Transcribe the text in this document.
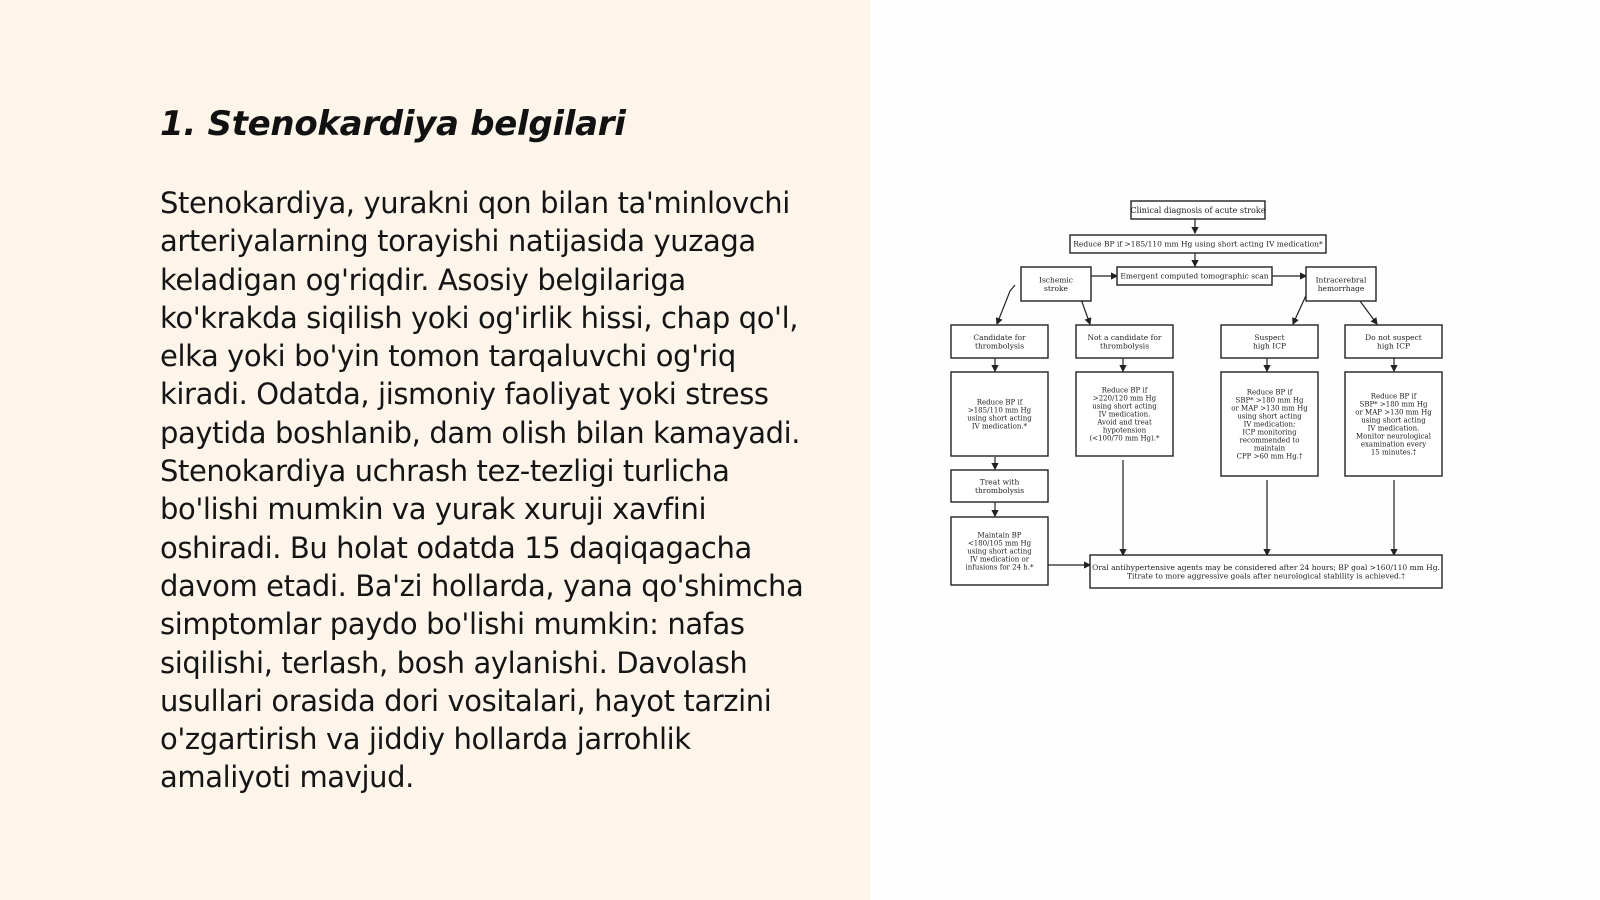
1. Stenokardiya belgilari

Stenokardiya, yurakni qon bilan ta'minlovchi
arteriyalarning torayishi natijasida yuzaga
keladigan og'riqdir. Asosiy belgilariga
ko'krakda siqilish yoki og'irlik hissi, chap qo'l,
elka yoki bo'yin tomon tarqaluvchi og'riq
kiradi. Odatda, jismoniy faoliyat yoki stress
paytida boshlanib, dam olish bilan kamayadi.
Stenokardiya uchrash tez-tezligi turlicha
bo'lishi mumkin va yurak xuruji xavfini
oshiradi. Bu holat odatda 15 daqiqagacha
davom etadi. Ba'zi hollarda, yana qo'shimcha
simptomlar paydo bo'lishi mumkin: nafas
siqilishi, terlash, bosh aylanishi. Davolash
usullari orasida dori vositalari, hayot tarzini
o'zgartirish va jiddiy hollarda jarrohlik
amaliyoti mavjud.

Clinical diagnosis of acute stroke
Reduce BP if >185/110 mm Hg using short acting IV medication*
Ischemic
stroke
Emergent computed tomographic scan	Intracerebral
hemorrhage
Candidate for
thrombolysis
Not a candidate for
thrombolysis
Suspect
high ICP
Do not suspect
high ICP
Reduce BP if
>185/110 mm Hg
using short acting
IV medication.*
Reduce BP if
>220/120 mm Hg
using short acting
IV medication.
Avoid and treat
hypotension
(<100/70 mm Hg).*
Reduce BP if
SBP* >180 mm Hg
or MAP >130 mm Hg
using short acting
IV medication;
ICP monitoring
recommended to
maintain
CPP >60 mm Hg.†
Reduce BP if
SBP* >180 mm Hg
or MAP >130 mm Hg
using short acting
IV medication.
Monitor neurological
examination every
15 minutes.†
Treat with
thrombolysis
Maintain BP
<180/105 mm Hg
using short acting
IV medication or
infusions for 24 h.*	Oral antihypertensive agents may be considered after 24 hours; BP goal >160/110 mm Hg.
Titrate to more aggressive goals after neurological stability is achieved.†
